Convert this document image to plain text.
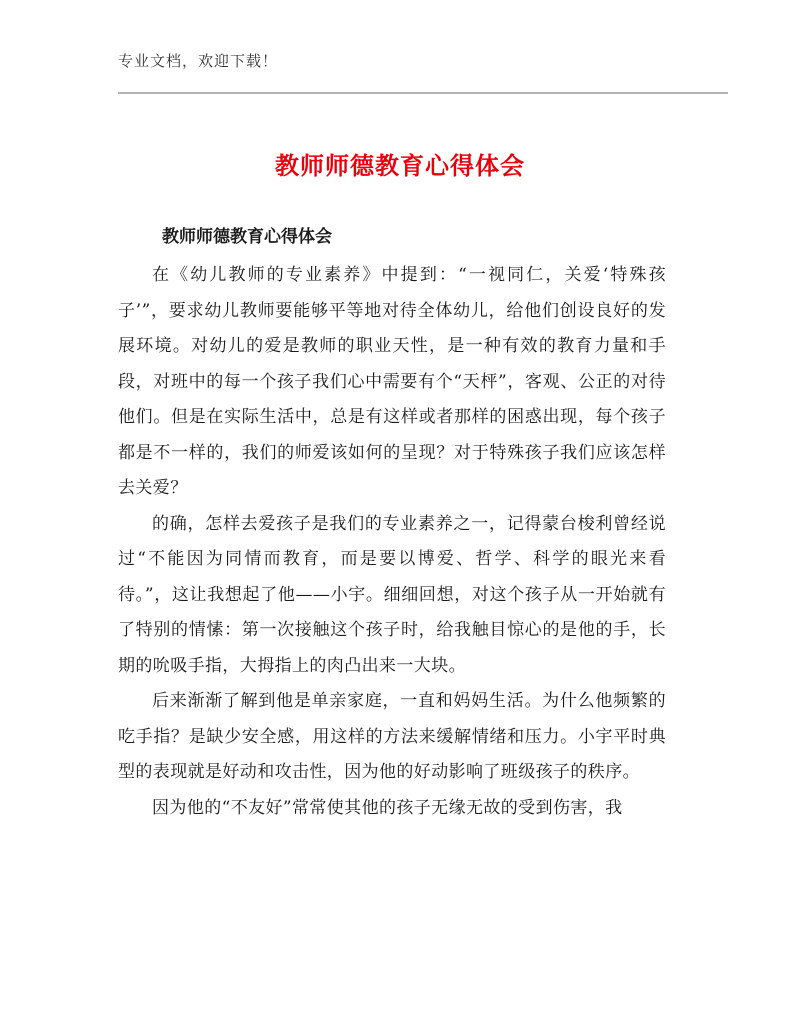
专业文档，欢迎下载！
教师师德教育心得体会
教师师德教育心得体会

在《幼儿教师的专业素养》中提到：“一视同仁，关爱‘特殊孩子’”，要求幼儿教师要能够平等地对待全体幼儿，给他们创设良好的发展环境。对幼儿的爱是教师的职业天性，是一种有效的教育力量和手段，对班中的每一个孩子我们心中需要有个“天枰”，客观、公正的对待他们。但是在实际生活中，总是有这样或者那样的困惑出现，每个孩子都是不一样的，我们的师爱该如何的呈现？对于特殊孩子我们应该怎样去关爱？

的确，怎样去爱孩子是我们的专业素养之一，记得蒙台梭利曾经说过“不能因为同情而教育，而是要以博爱、哲学、科学的眼光来看待。”，这让我想起了他——小宇。细细回想，对这个孩子从一开始就有了特别的情愫：第一次接触这个孩子时，给我触目惊心的是他的手，长期的吮吸手指，大拇指上的肉凸出来一大块。

后来渐渐了解到他是单亲家庭，一直和妈妈生活。为什么他频繁的吃手指？是缺少安全感，用这样的方法来缓解情绪和压力。小宇平时典型的表现就是好动和攻击性，因为他的好动影响了班级孩子的秩序。

因为他的“不友好”常常使其他的孩子无缘无故的受到伤害，我
